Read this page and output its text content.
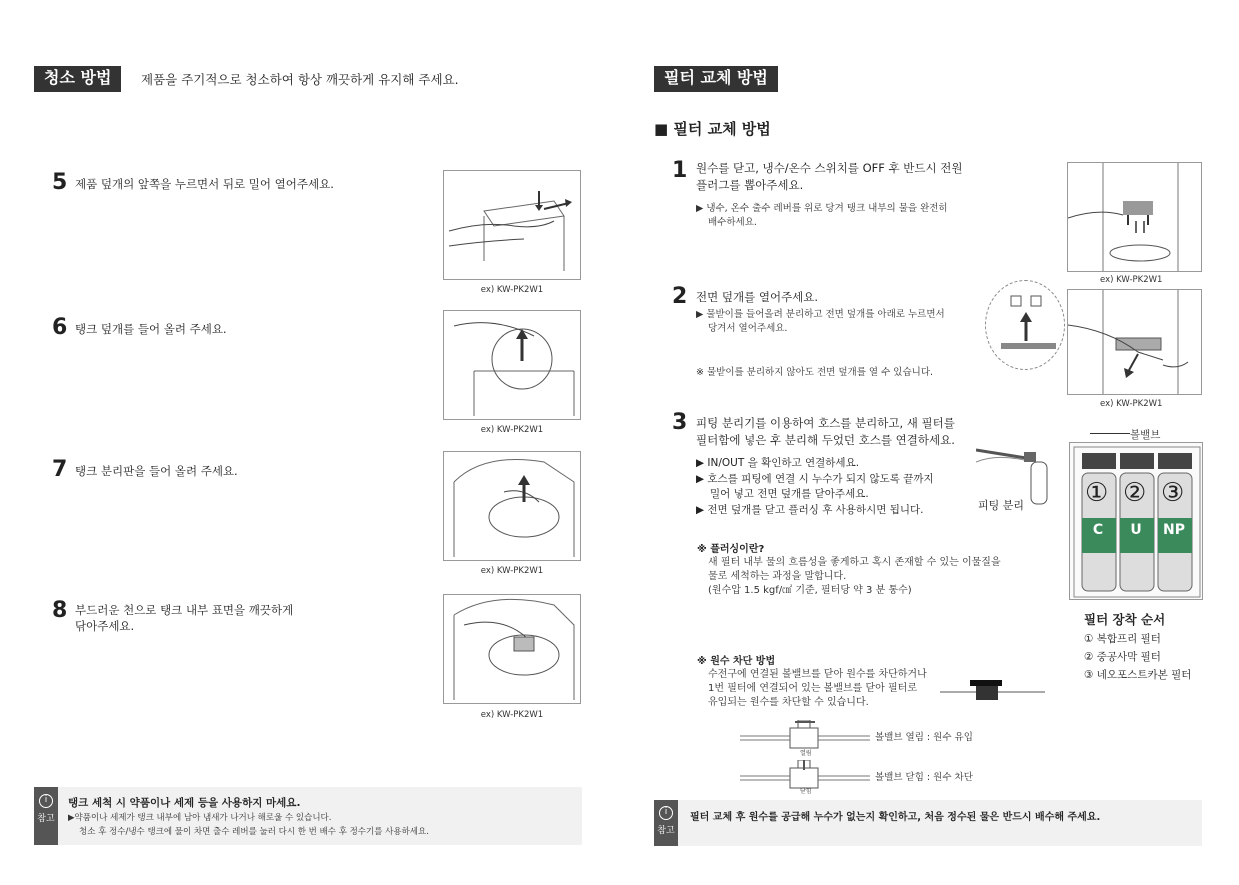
청소 방법	제품을 주기적으로 청소하여 항상 깨끗하게 유지해 주세요.
5 제품 덮개의 앞쪽을 누르면서 뒤로 밀어 열어주세요.
ex) KW-PK2W1
6 탱크 덮개를 들어 올려 주세요.
ex) KW-PK2W1
7 탱크 분리판을 들어 올려 주세요.
ex) KW-PK2W1
8 부드러운 천으로 탱크 내부 표면을 깨끗하게
닦아주세요.
ex) KW-PK2W1
i
참고
탱크 세척 시 약품이나 세제 등을 사용하지 마세요.
▶약품이나 세제가 탱크 내부에 남아 냄새가 나거나 해로울 수 있습니다.
청소 후 정수/냉수 탱크에 물이 차면 출수 레버를 눌러 다시 한 번 배수 후 정수기를 사용하세요.
필터 교체 방법
■ 필터 교체 방법
1 원수를 닫고, 냉수/온수 스위치를 OFF 후 반드시 전원
플러그를 뽑아주세요.
▶ 냉수, 온수 출수 레버를 위로 당겨 탱크 내부의 물을 완전히
배수하세요.
ex) KW-PK2W1
2 전면 덮개를 열어주세요.
▶ 물받이를 들어올려 분리하고 전면 덮개를 아래로 누르면서
당겨서 열어주세요.
※ 물받이를 분리하지 않아도 전면 덮개를 열 수 있습니다.
ex) KW-PK2W1
3 피팅 분리기를 이용하여 호스를 분리하고, 새 필터를
필터함에 넣은 후 분리해 두었던 호스를 연결하세요.
▶ IN/OUT 을 확인하고 연결하세요.
▶ 호스를 피팅에 연결 시 누수가 되지 않도록 끝까지
밀어 넣고 전면 덮개를 닫아주세요.
▶ 전면 덮개를 닫고 플러싱 후 사용하시면 됩니다.	피팅 분리
볼밸브
① ② ③
C	U	NP
필터 장착 순서
① 복합프리 필터
② 중공사막 필터
③ 네오포스트카본 필터
※ 플러싱이란?
새 필터 내부 물의 흐름성을 좋게하고 혹시 존재할 수 있는 이물질을
물로 세척하는 과정을 말합니다.
(원수압 1.5 kgf/㎠ 기준, 필터당 약 3 분 통수)
※ 원수 차단 방법
수전구에 연결된 볼밸브를 닫아 원수를 차단하거나
1번 필터에 연결되어 있는 볼밸브를 닫아 필터로
유입되는 원수를 차단할 수 있습니다.
열림
볼밸브 열림 : 원수 유입
닫힘
볼밸브 닫힘 : 원수 차단
i
참고
필터 교체 후 원수를 공급해 누수가 없는지 확인하고, 처음 정수된 물은 반드시 배수해 주세요.
